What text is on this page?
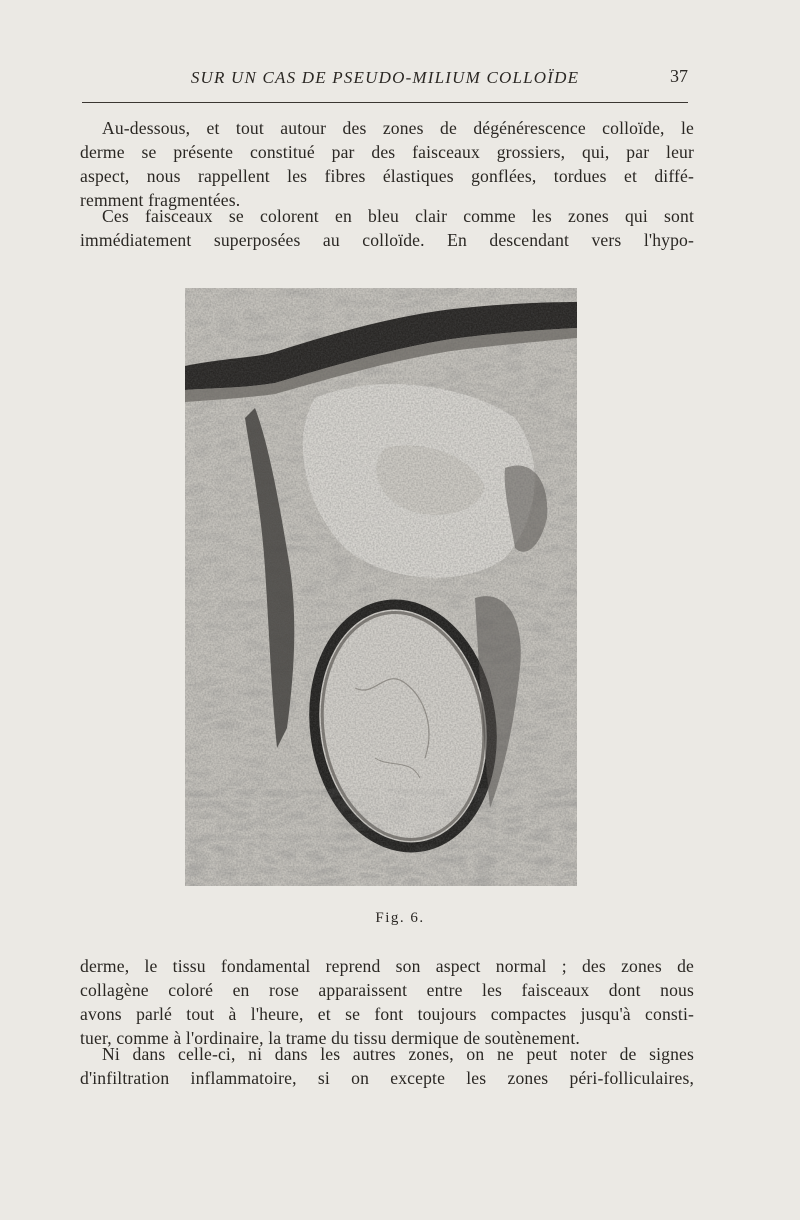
SUR UN CAS DE PSEUDO-MILIUM COLLOÏDE	37

Au-dessous, et tout autour des zones de dégénérescence colloïde, le
derme se présente constitué par des faisceaux grossiers, qui, par leur
aspect, nous rappellent les fibres élastiques gonflées, tordues et diffé-
remment fragmentées.

Ces faisceaux se colorent en bleu clair comme les zones qui sont
immédiatement superposées au colloïde. En descendant vers l'hypo-

Fig. 6.

derme, le tissu fondamental reprend son aspect normal ; des zones de
collagène coloré en rose apparaissent entre les faisceaux dont nous
avons parlé tout à l'heure, et se font toujours compactes jusqu'à consti-
tuer, comme à l'ordinaire, la trame du tissu dermique de soutènement.

Ni dans celle-ci, ni dans les autres zones, on ne peut noter de signes
d'infiltration inflammatoire, si on excepte les zones péri-folliculaires,
